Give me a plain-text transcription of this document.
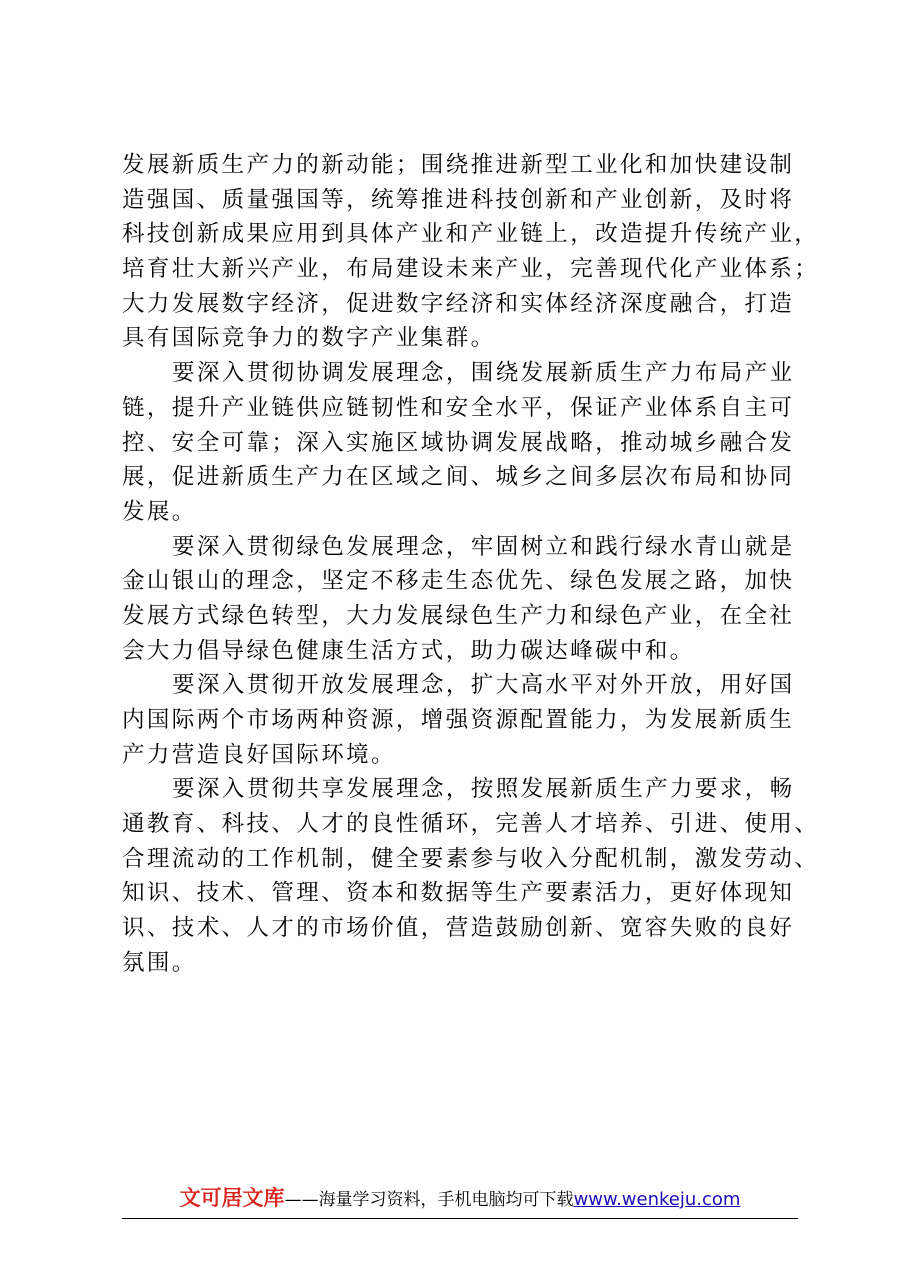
发展新质生产力的新动能；围绕推进新型工业化和加快建设制
造强国、质量强国等，统筹推进科技创新和产业创新，及时将
科技创新成果应用到具体产业和产业链上，改造提升传统产业，
培育壮大新兴产业，布局建设未来产业，完善现代化产业体系；
大力发展数字经济，促进数字经济和实体经济深度融合，打造
具有国际竞争力的数字产业集群。
要深入贯彻协调发展理念，围绕发展新质生产力布局产业
链，提升产业链供应链韧性和安全水平，保证产业体系自主可
控、安全可靠；深入实施区域协调发展战略，推动城乡融合发
展，促进新质生产力在区域之间、城乡之间多层次布局和协同
发展。
要深入贯彻绿色发展理念，牢固树立和践行绿水青山就是
金山银山的理念，坚定不移走生态优先、绿色发展之路，加快
发展方式绿色转型，大力发展绿色生产力和绿色产业，在全社
会大力倡导绿色健康生活方式，助力碳达峰碳中和。
要深入贯彻开放发展理念，扩大高水平对外开放，用好国
内国际两个市场两种资源，增强资源配置能力，为发展新质生
产力营造良好国际环境。
要深入贯彻共享发展理念，按照发展新质生产力要求，畅
通教育、科技、人才的良性循环，完善人才培养、引进、使用、
合理流动的工作机制，健全要素参与收入分配机制，激发劳动、
知识、技术、管理、资本和数据等生产要素活力，更好体现知
识、技术、人才的市场价值，营造鼓励创新、宽容失败的良好
氛围。
文可居文库——海量学习资料，手机电脑均可下载www.wenkeju.com
